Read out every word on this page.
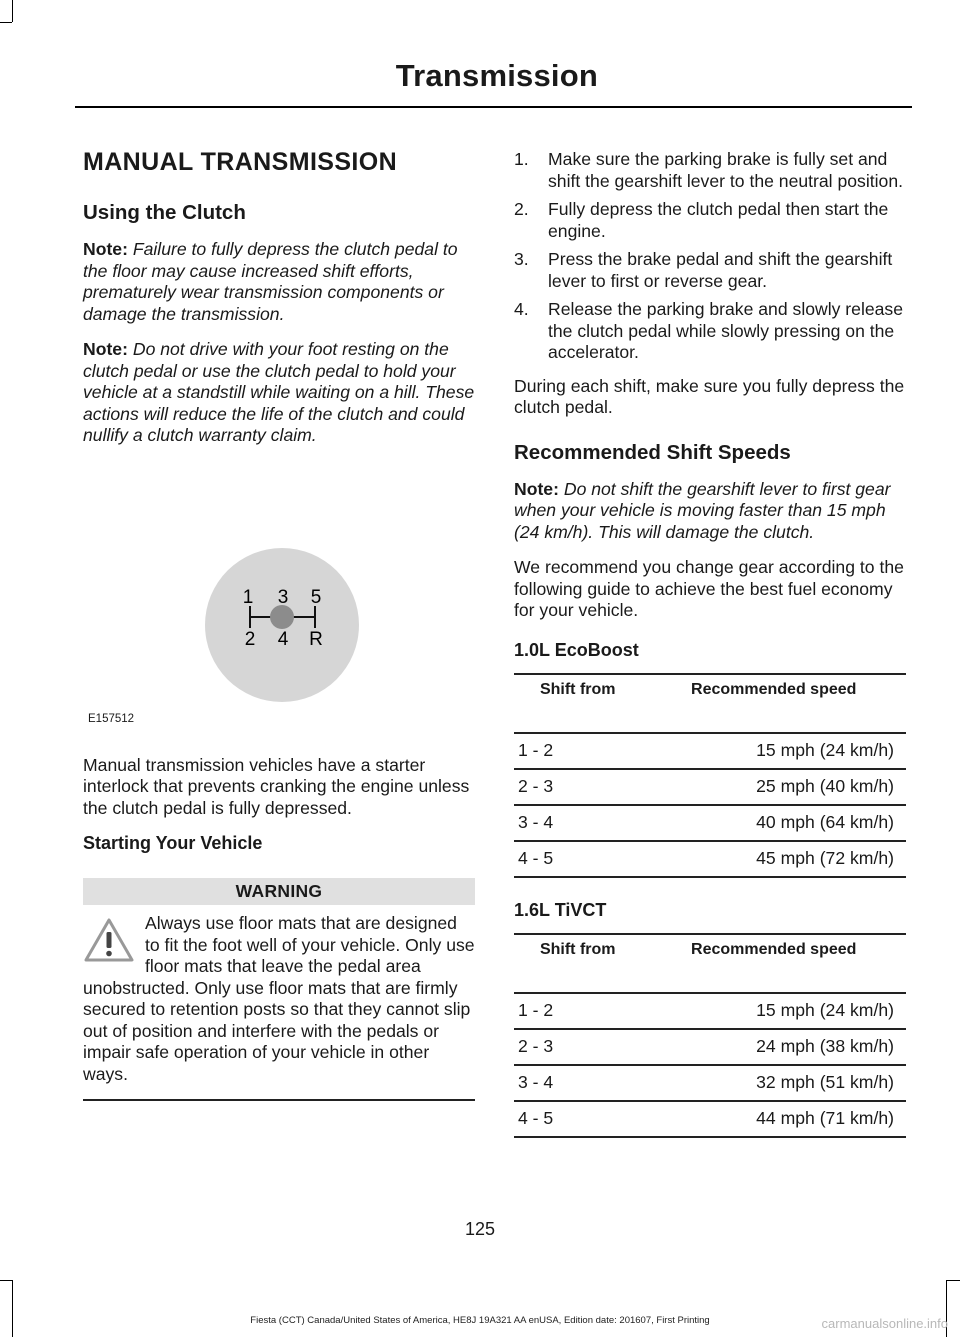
Transmission
MANUAL TRANSMISSION
Using the Clutch

Note: Failure to fully depress the clutch pedal to the floor may cause increased shift efforts, prematurely wear transmission components or damage the transmission.

Note: Do not drive with your foot resting on the clutch pedal or use the clutch pedal to hold your vehicle at a standstill while waiting on a hill. These actions will reduce the life of the clutch and could nullify a clutch warranty claim.

1 3 5
2 4 R
E157512

Manual transmission vehicles have a starter interlock that prevents cranking the engine unless the clutch pedal is fully depressed.

Starting Your Vehicle
WARNING

Always use floor mats that are designed to fit the foot well of your vehicle. Only use floor mats that leave the pedal area unobstructed. Only use floor mats that are firmly secured to retention posts so that they cannot slip out of position and interfere with the pedals or impair safe operation of your vehicle in other ways.

1. Make sure the parking brake is fully set and shift the gearshift lever to the neutral position.
2. Fully depress the clutch pedal then start the engine.
3. Press the brake pedal and shift the gearshift lever to first or reverse gear.
4. Release the parking brake and slowly release the clutch pedal while slowly pressing on the accelerator.

During each shift, make sure you fully depress the clutch pedal.

Recommended Shift Speeds

Note: Do not shift the gearshift lever to first gear when your vehicle is moving faster than 15 mph (24 km/h). This will damage the clutch.

We recommend you change gear according to the following guide to achieve the best fuel economy for your vehicle.

1.0L EcoBoost
Shift from	Recommended speed
1 - 2	15 mph (24 km/h)
2 - 3	25 mph (40 km/h)
3 - 4	40 mph (64 km/h)
4 - 5	45 mph (72 km/h)
1.6L TiVCT
Shift from	Recommended speed
1 - 2	15 mph (24 km/h)
2 - 3	24 mph (38 km/h)
3 - 4	32 mph (51 km/h)
4 - 5	44 mph (71 km/h)
125
Fiesta (CCT) Canada/United States of America, HE8J 19A321 AA enUSA, Edition date: 201607, First Printing	carmanualsonline.info
